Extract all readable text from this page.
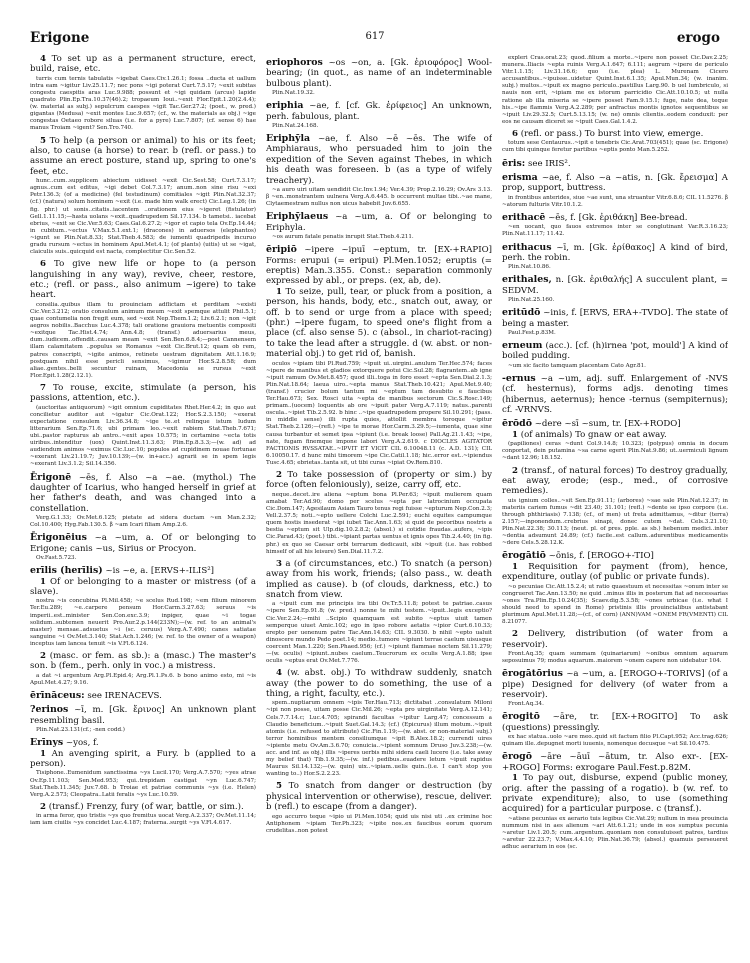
Erigone	617	erogo

4 To set up as a permanent structure, erect, build, raise, etc.

turris cum ternis tabulatis ~igebat Caes.Civ.1.26.1; fossa ..ducta et uallum intra eam ~igitur Liv.25.11.7; nec pons ~igi poterat Curt.7.5.17; ~exit subitas congestu caespitis aras Luc.9.988; possunt et ~igi quidam (arcus) lapide quadrato Plin.Ep.Tra.10.37(46).2; tropaeum Ioui..~exit Flor.Epit.1.20(2.4.4); (w. material as subj.) sepulcrum caespes ~igit Tac.Ger.27.2; (poet., w. pred.) gigantas (Medusa) ~exit montes Luc.9.657; (cf., w. the materials as obj.) ~ige congestas Oetaeo robore siluas (i.e. for a pyre) Luc.7.807; (cf. sense 6) hae manus Troiam ~igent? Sen.Tro.740.

5 To help (a person or animal) to his or its feet; also, to cause (a horse) to rear. b (refl. or pass.) to assume an erect posture, stand up, spring to one's feet, etc.

hunc..cum..supplicem abiectum uidisset ~exit Cic.Sest.58; Curt.7.3.17; agnus..cum est editus, ~igi debet Col.7.3.17; anum..non sine risu ~exi Petr.136.3; (of a medicine) (fel testudinum) comitiales ~igit Plin.Nat.32.37; (cf.) (natura) solum hominem ~exit (i.e. made him walk erect) Cic.Leg.1.26; (in fig. phr.) ut sonis..citatis..iacentem ..orationem eius ~igeret (fistulator) Gell.1.11.15;—hasta uolans ~exit..quadrupedem Sil.17.134. b tametsi.. iacebat ebrius, ~exit se Cic.Ver.5.63; Caes.Gal.6.27.2; ~igor et capio tela Ov.Ep.14.44; in cubitum..~ectus V.Max.5.1.ext.1; (dracones) in aduersos (elephantos) ~igunt se Plin.Nat.8.33; Stat.Theb.4.583; de iumenti quadripedis incuruo gradu rursum ~ectus in hominem Apul.Met.4.1; (of plants) (uitis) ut se ~igat, claiculis suis..quicquid est nacta, complectitur Cic.Sen.52.

6 To give new life or hope to (a person languishing in any way), revive, cheer, restore, etc.; (refl. or pass., also animum ~igere) to take heart.

consilia..quibus illam tu prouinciam adflictam et perditam ~existi Cic.Ver.3.212; oratio consulum animum meum ~exit spemque attulit Phil.5.1; quae contumelia non fregit eum, sed ~exit Nep.Them.1.2; Liv.6.2.1; non ~igit aegros nobilis..Bacchus Luc.4.378; tali oratione grauiora metuentis compositi ~exitque Tac.Hist.4.74; Ann.4.8; (transf.) aduersarius meus, dum..iudicem..offendit..causam meam ~exit Sen.Ben.6.8.4;—post Cannensem illam calamitatem ..populus se Romanus ~exit Cic.Brut.12; quam ob rem, patres conscripti, ~igite animos, retinete uestram dignitatem Att.1.16.9; postquam nihil esse pericli sensimus, ~igimur Hor.S.2.8.58; dum aliae..gentes..belli secuntur ruinam, Macedonia se rursus ~exit Flor.Epit.1.28(2.12.1).

7 To rouse, excite, stimulate (a person, his passions, attention, etc.).

(auctoritas antiquorum) ~igit omnium cupiditates Rhet.Her.4.2; in quo aut concilietur auditor aut ~igatur Cic.Orat.122; Hor.S.2.3.150; ~exerat expectatione consulem Liv.36.34.8; ~ige te..et relinque istum ludum litterarium Sen.Ep.71.6; ubi primam leo..~exit rabiem Stat.Theb.7.671; ubi..pastor rapturus ab antro..~exit apes 10.575; in certamine ~ecta totis uiribus..intenditur (uox) Quint.Inst.11.3.63; Plin.Ep.8.3.3;—(w. ad) ad audiendum animos ~eximus Cic.Luc.10; populos ad cupidinem nouae fortunae ~exerant Liv.21.19.7; Juv.10.139;—(w. in+acc.) agrarii se in spem legis ~exerant Liv.3.1.2; Sil.14.356.

Ērigonē ~ēs, f. Also ~a ~ae. (mythol.) The daughter of Icarius, who hanged herself in grief at her father's death, and was changed into a constellation.

Verg.G.1.33; Ov.Met.6.125; pietate ad sidera ductam ~en Man.2.32; Col.10.400; Hyg.Fab.130.5. β ~am Icari filiam Amp.2.6.

Ērigonēius ~a ~um, a. Of or belonging to Erigone; canis ~us, Sirius or Procyon.

Ov.Fast.5.723.

erīlis (herīlis) ~is ~e, a. [ERVS+-ILIS²]

1 Of or belonging to a master or mistress (of a slave).

nostra ~is concubina Pl.Mil.458; ~e scelus Rud.198; ~em filium minorem Ter.Eu.289; ~e..carpere pensum Hor.Carm.3.27.63; seruus ~is imperii..est..minister Sen.Con.exc.3.9; inpiger, quae ~i togae solidum..subtemen neuerit Pro.Aur.2.p.144(233N);—(w. ref. to an animal's master) mensae..adsuetus ~i (sc. ceruus) Verg.A.7.490; canes satiatae sanguine ~i Ov.Met.3.140; Stat.Ach.1.246; (w. ref. to the owner of a weapon) inceptus iam lancea tenuit ~is V.Fl.6.124.

2 (masc. or fem. as sb.): a (masc.) The master's son. b (fem., perh. only in voc.) a mistress.

a dat ~i argentum Arg.Pl.Epid.4; Arg.Pl.1.Ps.6. b bono animo esto, mi ~is Apul.Met.4.27; 9.16.

ērīnāceus: see IRENACEVS.

?erinos ~ī, m. [Gk. ἔρινος] An unknown plant resembling basil.

Plin.Nat.23.131(cf.; -nen codd.)

Erīnys ~yos, f.

1 An avenging spirit, a Fury. b (applied to a person).

Tisiphone..Eumenidum sanctissima ~ys Lucil.170; Verg.A.7.570; ~yes atrae Ov.Ep.11.103; Sen.Med.953; qui..trepidam castigat ~yn Luc.6.747; Stat.Theb.11.345; Juv.7.68. b Troiae et patriae communis ~ys (i.e. Helen) Verg.A.2.573; Cleopatra..Latii feralis ~ys Luc.10.59.

2 (transf.) Frenzy, fury (of war, battle, or sim.).

in arma feror, quo tristis ~ys quo fremitus uocat Verg.A.2.337; Ov.Met.11.14; iam iam ciuilis ~ys concidet Luc.4.187; fraterna..surgit ~ys V.Fl.4.617.

eriophoros ~os ~on, a. [Gk. ἐριοφόρος] Wool-bearing; (in quot., as name of an indeterminable bulbous plant).

Plin.Nat.19.32.

eriphia ~ae, f. [cf. Gk. ἐρίφειος] An unknown, perh. fabulous, plant.

Plin.Nat.24.168.

Eriphȳla ~ae, f. Also ~ē ~ēs. The wife of Amphiaraus, who persuaded him to join the expedition of the Seven against Thebes, in which his death was foreseen. b (as a type of wifely treachery).

~a auro uiri uitam uendidit Cic.Inv.1.94; Ver.4.39; Prop.2.16.29; Ov.Ars 3.13. β ~en..monstrantem uulnera Verg.A.6.445. b occurrent multae tibi..~ae mane, Clytaemestram nullus non uicus habebit Juv.6.655.

Eriphȳlaeus ~a ~um, a. Of or belonging to Eriphyla.

~os aurum fatale penatis inrupit Stat.Theb.4.211.

ēripiō ~ipere ~ipuī ~eptum, tr. [EX-+RAPIO] Forms: erupui (= eripui) Pl.Men.1052; eruptis (= ereptis) Man.3.355. Const.: separation commonly expressed by abl., or preps. (ex, ab, de).

1 To seize, pull, tear, or pluck from a position, a person, his hands, body, etc., snatch out, away, or off. b to send or urge from a place with speed; (phr.) ~ipere fugam, to speed one's flight from a place (cf. also sense 5). c (absol., in chariot-racing) to take the lead after a struggle. d (w. abst. or non-material obj.) to get rid of, banish.

oculos ~ipiam tibi Pl.Rud.759; ~ipuit ui..uirgini..anulum Ter.Hec.574; faces ~ipere de manibus et gladios extorquere potui Cic.Sul.28; flagrantem..ab igne ~ipuit ramum Ov.Met.8.457; quod illi..toga in foro esset ~epta Sen.Dial.2.1.3; Plin.Nat.18.64; laeua uiro..~epta manus Stat.Theb.10.421; Apul.Met.9.40; (transf.) crucior bolum tantum mi ~eptum tam desubito e faucibus Ter.Hau.673; Sex. Rosci uita ~epta de manibus sectorum Cic.S.Rosc.149; primam..(uocem) loquentis ab ore ~ipuit pater Verg.A.7.119; natus..parenti oscula..~ipiet Tib.2.5.92. b hinc ..~ipe quadrupedem propere Sil.10.291; (pass. in middle sense) illi rupta quies, attollit membra toroque ~ipitur Stat.Theb.2.126;—(refl.) ~ipe te morae Hor.Carm.3.29.5;—iumenta, quae sine causa turbantur et semet ipsa ~ipiunt (i.e. break loose) Pall.Ag.21.1.43; ~ipe, nate, fugam finemque impone labori Verg.A.2.619. c DIOCLES AGITATOR FACTIONIS RVSSATAE..~IPVIT ET VICIT CIL 6.10048.11 (c. A.D. 131); CIL 6.10050.17. d hunc mihi timorem ~ipe Cic.Catil.1.18; hic..error est..~ipiendus Tusc.4.65; ebrietas..tanta sit, ut tibi curas ~ipiat Ov.Rem.810.

2 To take possession of (property or sim.) by force (often feloniously), seize, carry off, etc.

neque..decet..ire aliena ~eptum bona Pl.Per.63; ~ipuit mulierem quam amabat Ter.Ad.90; domo per scelus ~epta per latrocinium occupata Cic.Dom.147; Agesilaum Asiam Tauro tenus regi fuisse ~epturum Nep.Con.2.3; Vell.2.37.5; noti..~epto uellere Colchi Luc.2.591; euchi equites campumque quem hostis insederat ~ipi iubet Tac.Ann.1.63; si quid de pecoribus nostris a bestia ~eptum sit Ulp.dig.10.2.8.2; (absol.) si cotidie fraudas..aufers, ~ipis Cic.Parad.43; (poet.) tibi..~ipiant partas uentus et ignis opes Tib.2.4.40; (in fig. phr.) ex quo se Caesar orbi terrarum dedicauit, sibi ~ipuit (i.e. has robbed himself of all his leisure) Sen.Dial.11.7.2.

3 a (of circumstances, etc.) To snatch (a person) away from his work, friends; (also pass., w. death implied as cause). b (of clouds, darkness, etc.) to snatch from view.

a ~ipuit cum me principis ira tibi Ov.Tr.5.11.8; potest te patriae..casus ~ipere Sen.Ep.91.8; (w. pred.) nonne te mihi testem..~ipuit..legis exceptio? Cic.Ver.2.24;—mihi ..Scipio quamquam est subito ~eptus uiuit tamen semperque uiuet Amic.102; ego in ipso robore aetatis ~ipior Curt.6.10.33; erepto per uenenum patre Tac.Ann.14.63; CIL 9.3030. b nihil ~epto ualuit dinoscere mundo Pedo poet.14; medio..tumore ~ipiunt terrae caelum uisusque coercent Man.1.220; Sen.Phaed.956; (cf.) ~ipiunt flammae noctem Sil.11.279;—(w. oculis) ~ipiunt..nubes caelum..Teucrorum ex oculis Verg.A.1.88; ipse oculis ~eptus erat Ov.Met.7.776.

4 (w. abst. obj.) To withdraw suddenly, snatch away (the power to do something, the use of a thing, a right, faculty, etc.).

spem..nuptiarum omnem ~ipis Ter.Hau.713; dictitabat ..consulatum Miloni ~ipi non posse, uitam posse Cic.Mil.26; ~epta pro uirginitate Verg.A.12.141; Cels.7.7.14.c; Luc.4.705; spirandi facultas ~ipitur Larg.47; concessum a Claudio beneficium..~ipuit Suet.Gal.14.3; (cf.) (Epicurus) illum motum..~ipuit atomis (i.e. refused to attribute) Cic.Fin.1.19;—(w. abst. or non-material subj.) terror hominibus mentem consiliumque ~ipit B.Alex.18.2; currendi uires ~ipiente metu Ov.Am.3.6.70; conuicia..~ipient somnum Druso Juv.3.238;—(w. acc. and inf. as obj.) illis ~iperes uerbis mihi sidera caeli lucere (i.e. take away my belief that) Tib.1.9.35;—(w. inf.) pedibus..euadere letum ~ipuit rapidus Maurus Sil.14.132;—(w. quin) uix..~ipiam..uelis quin..(i.e. I can't stop you wanting to..) Hor.S.2.2.23.

5 To snatch from danger or destruction (by physical intervention or otherwise), rescue, deliver. b (refl.) to escape (from a danger).

ego accurro teque ~ipio ui Pl.Men.1054; quid uis nisi uti ..ex crimine hoc Antiphonem ~ipiam Ter.Ph.323; ~ipite nos..ex faucibus eorum quorum crudelitas..non potest

expleri Cras.orat.23; quod..filium a morte..~ipere non posset Cic.Dav.2.25; munera..Iliacis ~epta ruinis Verg.A.1.647; 6.111; aegrum ~ipere de periculo Vitr.1.1.15; Liv.31.16.6; quo (i.e. plea) L. Murenam Cicero accusantibus..~ipuisse..uidetur Quint.Inst.6.1.35; Apul.Mun.34; (w. inanim. subj.) multos..~ipuit ex magno periculo..pastillus Larg.90. b uel lumbriculo, si nauis non erit, ~ipiam me ex istorum parricidio Cic.Att.10.10.5; ut nulla ratione ab illa miseria se ~ipere posset Fam.9.15.1; fuge, nate dea, teque his..~ipe flammis Verg.A.2.289; per anfractus montis ignotos sequentibus se ~ipuit Liv.29.32.5; Curt.5.13.15; (w. ne) omnis clientis..eodem conduxit: per eos ne causam diceret se ~ipuit Caes.Gal.1.4.2.

6 (refl. or pass.) To burst into view, emerge.

totum sese Centaurus..~ipit e tenebris Cic.Arat.703(451); quae (sc. Erigone) cum tibi quinque feretur partibus ~eptis ponto Man.5.252.

ēris: see IRIS².

erisma ~ae, f. Also ~a ~atis, n. [Gk. ἔρεισμα] A prop, support, buttress.

in frontibus anterides, siue ~ae sunt, una struantur Vitr.6.8.6; CIL 11.5276. β ~atorum fulturis Vitr.10.1.2.

erithacē ~ēs, f. [Gk. ἐριθάκη] Bee-bread.

~en uocant, quo fauos extremos inter se conglutinant Var.R.3.16.23; Plin.Nat.11.17; 11.42.

erithacus ~ī, m. [Gk. ἐρίθακος] A kind of bird, perh. the robin.

Plin.Nat.10.86.

erithales, n. [Gk. ἐριθαλής] A succulent plant, = SEDVM.

Plin.Nat.25.160.

eritūdō ~inis, f. [ERVS, ERA+-TVDO]. The state of being a master.

Paul.Fest.p.83M.

erneum (acc.). [cf. (h)irnea 'pot, mould'] A kind of boiled pudding.

~um sic facito tamquam placentam Cato Agr.81.

-ernus ~a ~um, adj. suff. Enlargement of -NVS (cf. hesternus), forms adjs. denoting times (hibernus, aeternus); hence -ternus (sempiternus); cf. -VRNVS.

ērōdō ~dere ~sī ~sum, tr. [EX-+RODO]

1 (of animals) To gnaw or eat away.

(papiliones) ceras ~dunt Col.9.14.8; 10.323; (polypus) omnia in docum conportat, dein putamina ~sa carne egerit Plin.Nat.9.86; ut..uermiculi lignum ~dant 12.96; 18.152.

2 (transf., of natural forces) To destroy gradually, eat away, erode; (esp., med., of corrosive remedies).

uis ignium colles..~sit Sen.Ep.91.11; (arbores) ~sae sale Plin.Nat.12.37; in materiis cariem fumus ~dit 23.40; 31.101; (refl.) ~dente se ipso corpore (i.e. through phthiriasis) 7.138; (cf., of men) ut freta admittamus, ~ditur (terra) 2.157;—inponendum..crebrius sinapi, donec cutem ~dat. Cels.3.21.10; Plin.Nat.22.38; 30.113; (neut. pl. of pres. pple. as sb.) hebenum medici..inter ~dentia adsumunt 24.89; (cf.) facile..est callum..adurentibus medicamentis ~dere Cels.5.28.12.K.

ērogātiō ~ōnis, f. [EROGO+-TIO]

1 Requisition for payment (from), hence, expenditure, outlay (of public or private funds).

~o pecuniae Cic.Att.15.2.4; ut ratio quaestuum et necessitas ~onum inter se congrueret Tac.Ann.13.50; ne quid ..minus illis in posterum fiat ad necessarias ~ones Tra.Plin.Ep.10.24(35); Scaev.dig.5.3.58; ~ones urbicae (i.e. what I should need to spend in Rome) pristinis illis prouincialibus antistabant plurimum Apul.Met.11.28;—(cf., of corn) (ANN)VAM ~ONEM FR(VMENTI) CIL 8.21077.

2 Delivery, distribution (of water from a reservoir).

Front.Aq.35; quam summam (quinariarum) ~onibus omnium aquarum seposuimus 79; modus aquarum..maiorem ~onem capere non uidebatur 104.

ērogātōrius ~a ~um, a. [EROGO+-TORIVS] (of a pipe) Designed for delivery (of water from a reservoir).

Front.Aq.34.

ērogitō ~āre, tr. [EX-+ROGITO] To ask (questions) pressingly.

ex hac statua..uolo ~are meo..quid sit factum filio Pl.Capt.952; Acc.trag.626; quinam ille..depugnet morti iuuenis, nomenque decusque ~at Sil.10.475.

ērogō ~āre ~āuī ~ātum, tr. Also exr-. [EX-+ROGO] Forms: exrogare Paul.Fest.p.82M.

1 To pay out, disburse, expend (public money, orig. after the passing of a rogatio). b (w. ref. to private expenditure); also, to use (something acquired) for a particular purpose. c (transf.).

~atisne pecunias ex aerario tuis legibus Cic.Vat.29; nullum in mea prouincia nummum nisi in aes alienum ~ari Att.6.1.21; unde in eos sumptus pecunia ~aretur Liv.1.20.5; cum..argentum..quoniam non consuluisset patres, tardius ~aretur 22.23.7; V.Max.4.4.10; Plin.Nat.36.79; (absol.) quamuis perseueret adhuc aerarium in eos (sc.
